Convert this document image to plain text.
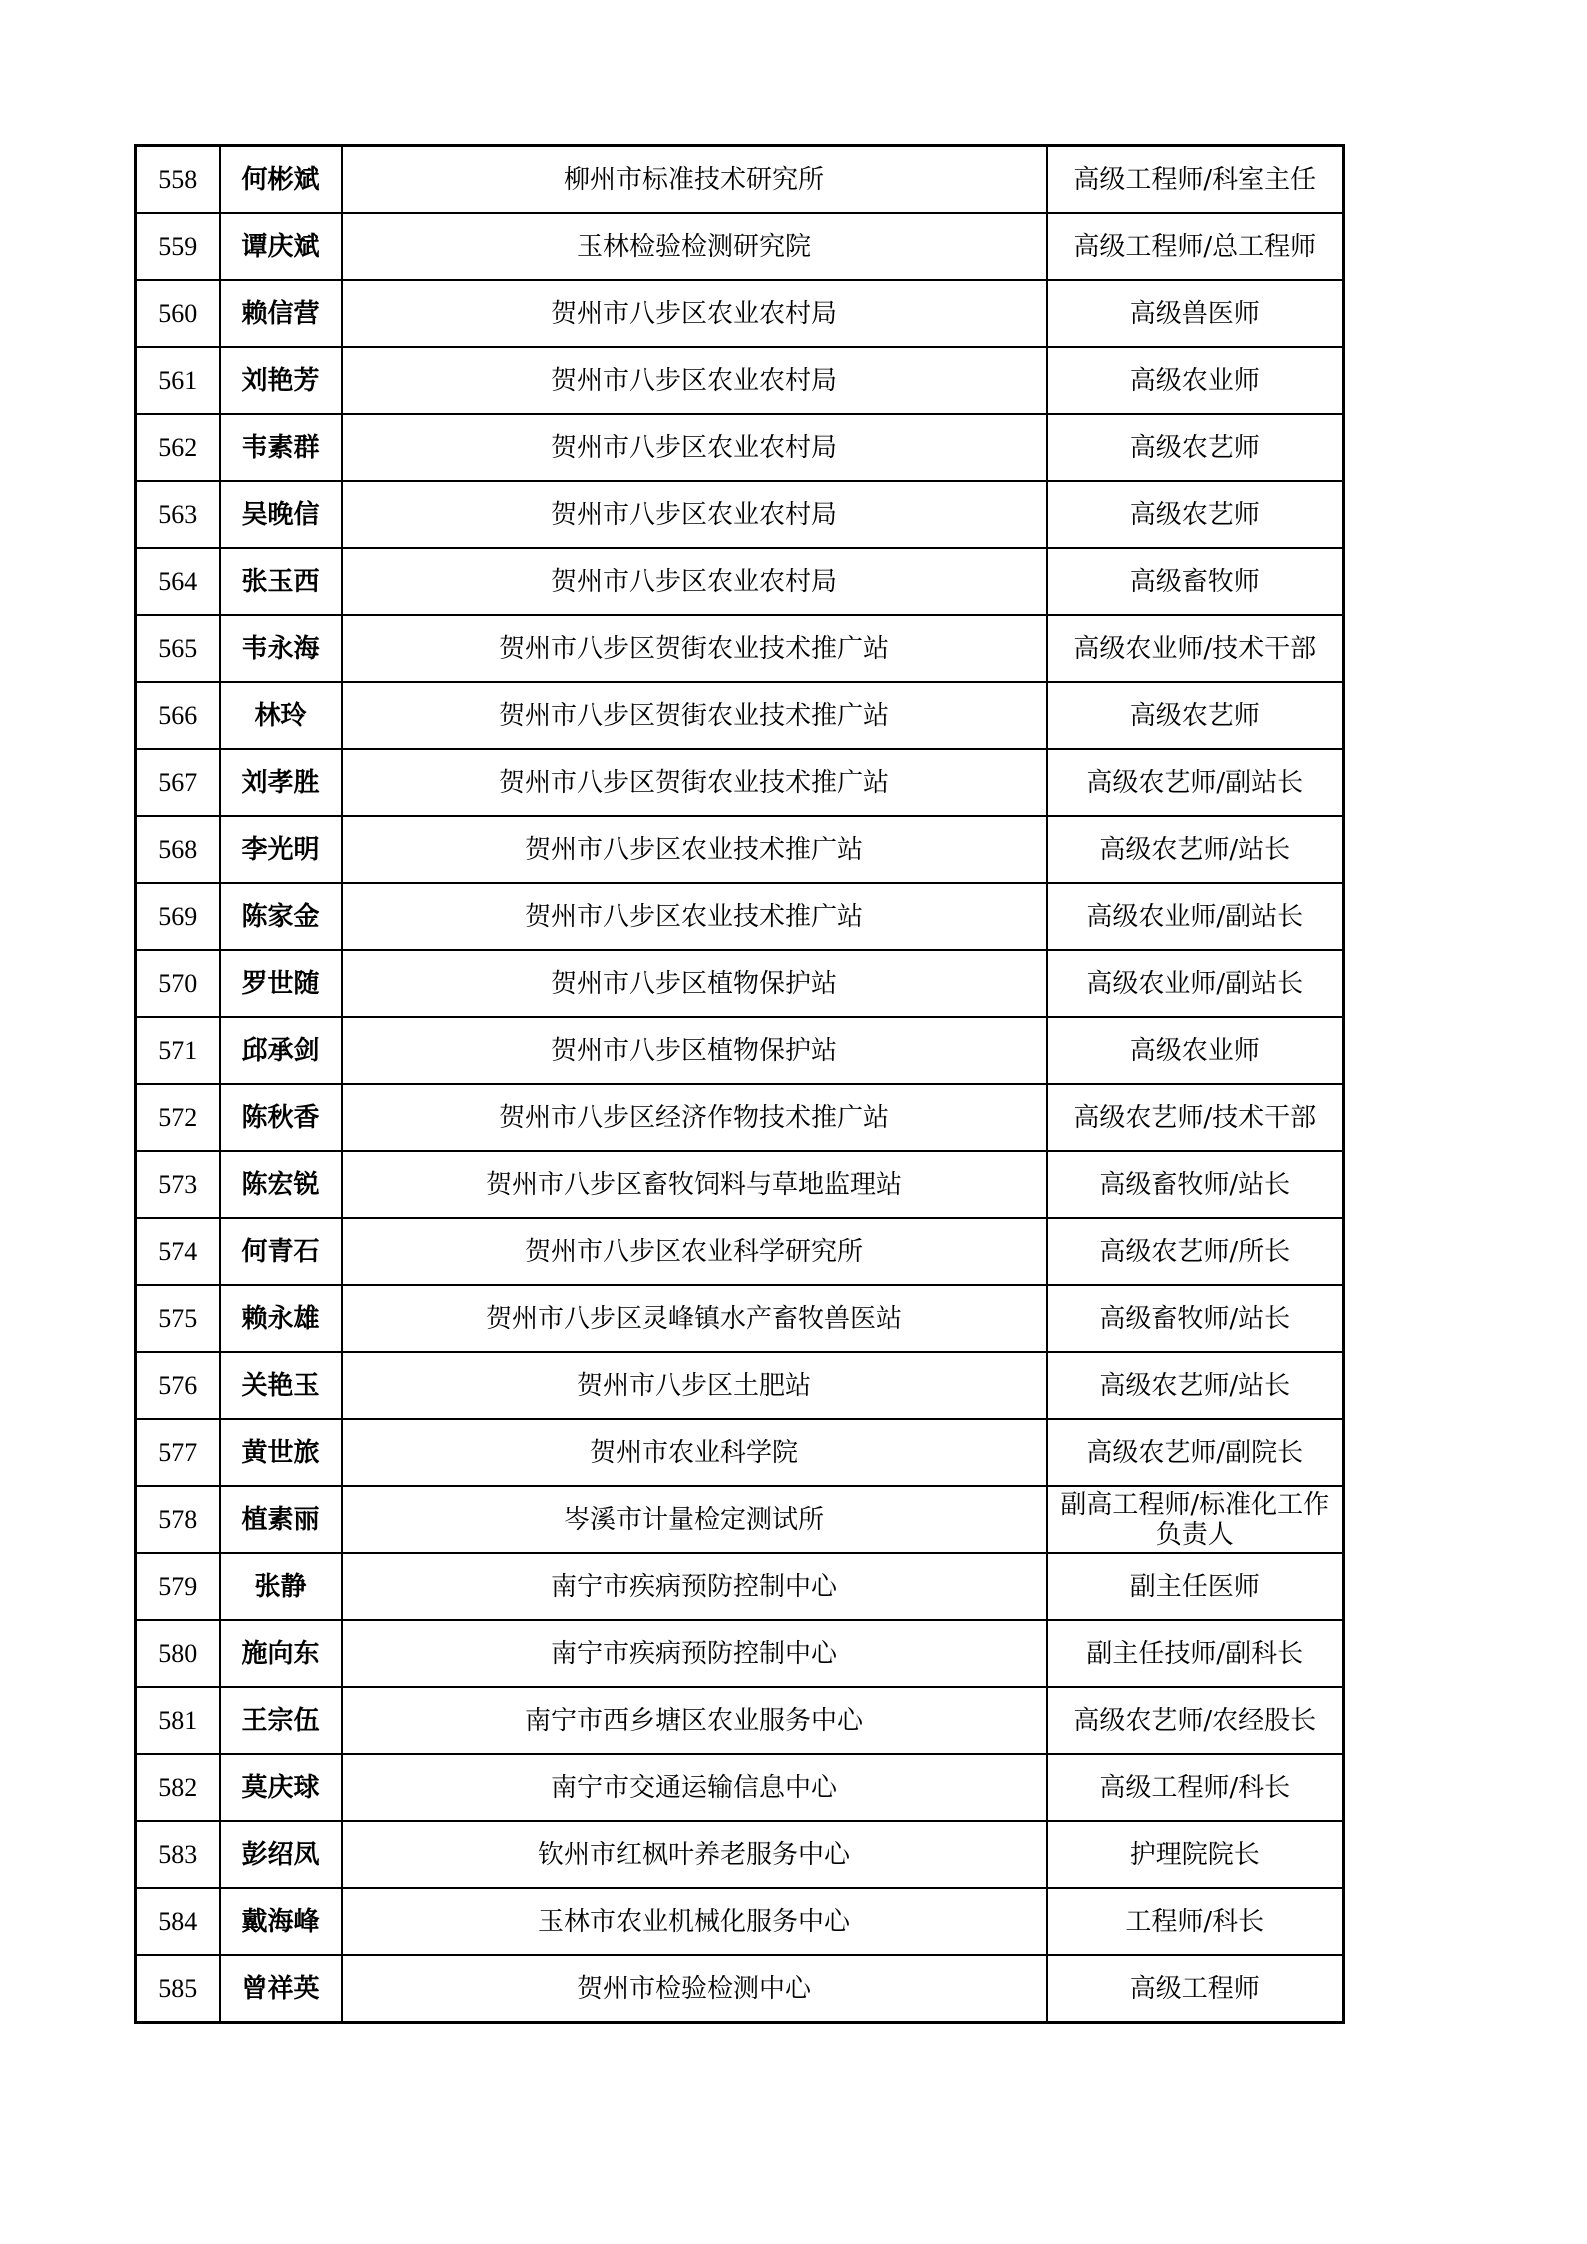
558	何彬斌	柳州市标准技术研究所	高级工程师/科室主任
559	谭庆斌	玉林检验检测研究院	高级工程师/总工程师
560	赖信营	贺州市八步区农业农村局	高级兽医师
561	刘艳芳	贺州市八步区农业农村局	高级农业师
562	韦素群	贺州市八步区农业农村局	高级农艺师
563	吴晚信	贺州市八步区农业农村局	高级农艺师
564	张玉西	贺州市八步区农业农村局	高级畜牧师
565	韦永海	贺州市八步区贺街农业技术推广站	高级农业师/技术干部
566	林玲	贺州市八步区贺街农业技术推广站	高级农艺师
567	刘孝胜	贺州市八步区贺街农业技术推广站	高级农艺师/副站长
568	李光明	贺州市八步区农业技术推广站	高级农艺师/站长
569	陈家金	贺州市八步区农业技术推广站	高级农业师/副站长
570	罗世随	贺州市八步区植物保护站	高级农业师/副站长
571	邱承剑	贺州市八步区植物保护站	高级农业师
572	陈秋香	贺州市八步区经济作物技术推广站	高级农艺师/技术干部
573	陈宏锐	贺州市八步区畜牧饲料与草地监理站	高级畜牧师/站长
574	何青石	贺州市八步区农业科学研究所	高级农艺师/所长
575	赖永雄	贺州市八步区灵峰镇水产畜牧兽医站	高级畜牧师/站长
576	关艳玉	贺州市八步区土肥站	高级农艺师/站长
577	黄世旅	贺州市农业科学院	高级农艺师/副院长
578	植素丽	岑溪市计量检定测试所	副高工程师/标准化工作负责人
579	张静	南宁市疾病预防控制中心	副主任医师
580	施向东	南宁市疾病预防控制中心	副主任技师/副科长
581	王宗伍	南宁市西乡塘区农业服务中心	高级农艺师/农经股长
582	莫庆球	南宁市交通运输信息中心	高级工程师/科长
583	彭绍凤	钦州市红枫叶养老服务中心	护理院院长
584	戴海峰	玉林市农业机械化服务中心	工程师/科长
585	曾祥英	贺州市检验检测中心	高级工程师
